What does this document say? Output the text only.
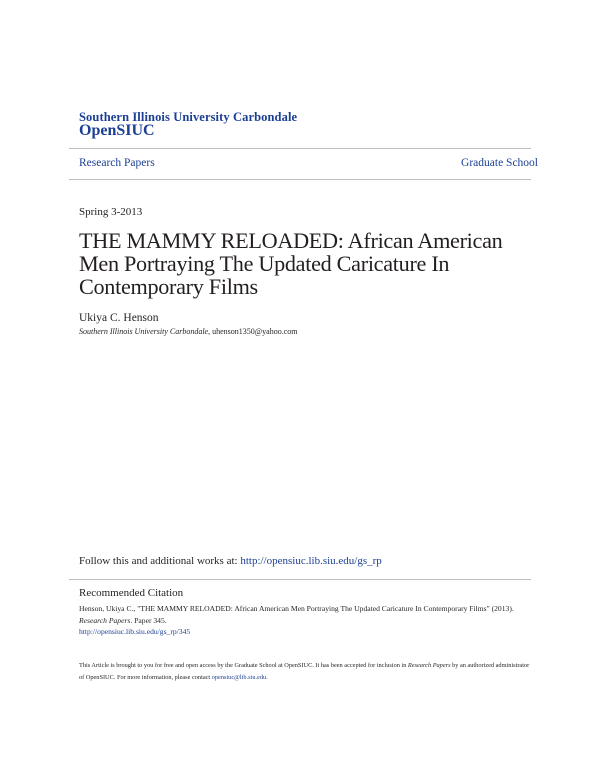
Southern Illinois University Carbondale
OpenSIUC
Research Papers	Graduate School
Spring 3-2013
THE MAMMY RELOADED: African American Men Portraying The Updated Caricature In Contemporary Films
Ukiya C. Henson
Southern Illinois University Carbondale, uhenson1350@yahoo.com
Follow this and additional works at: http://opensiuc.lib.siu.edu/gs_rp
Recommended Citation
Henson, Ukiya C., "THE MAMMY RELOADED: African American Men Portraying The Updated Caricature In Contemporary Films" (2013). Research Papers. Paper 345.
http://opensiuc.lib.siu.edu/gs_rp/345
This Article is brought to you for free and open access by the Graduate School at OpenSIUC. It has been accepted for inclusion in Research Papers by an authorized administrator of OpenSIUC. For more information, please contact opensiuc@lib.siu.edu.
